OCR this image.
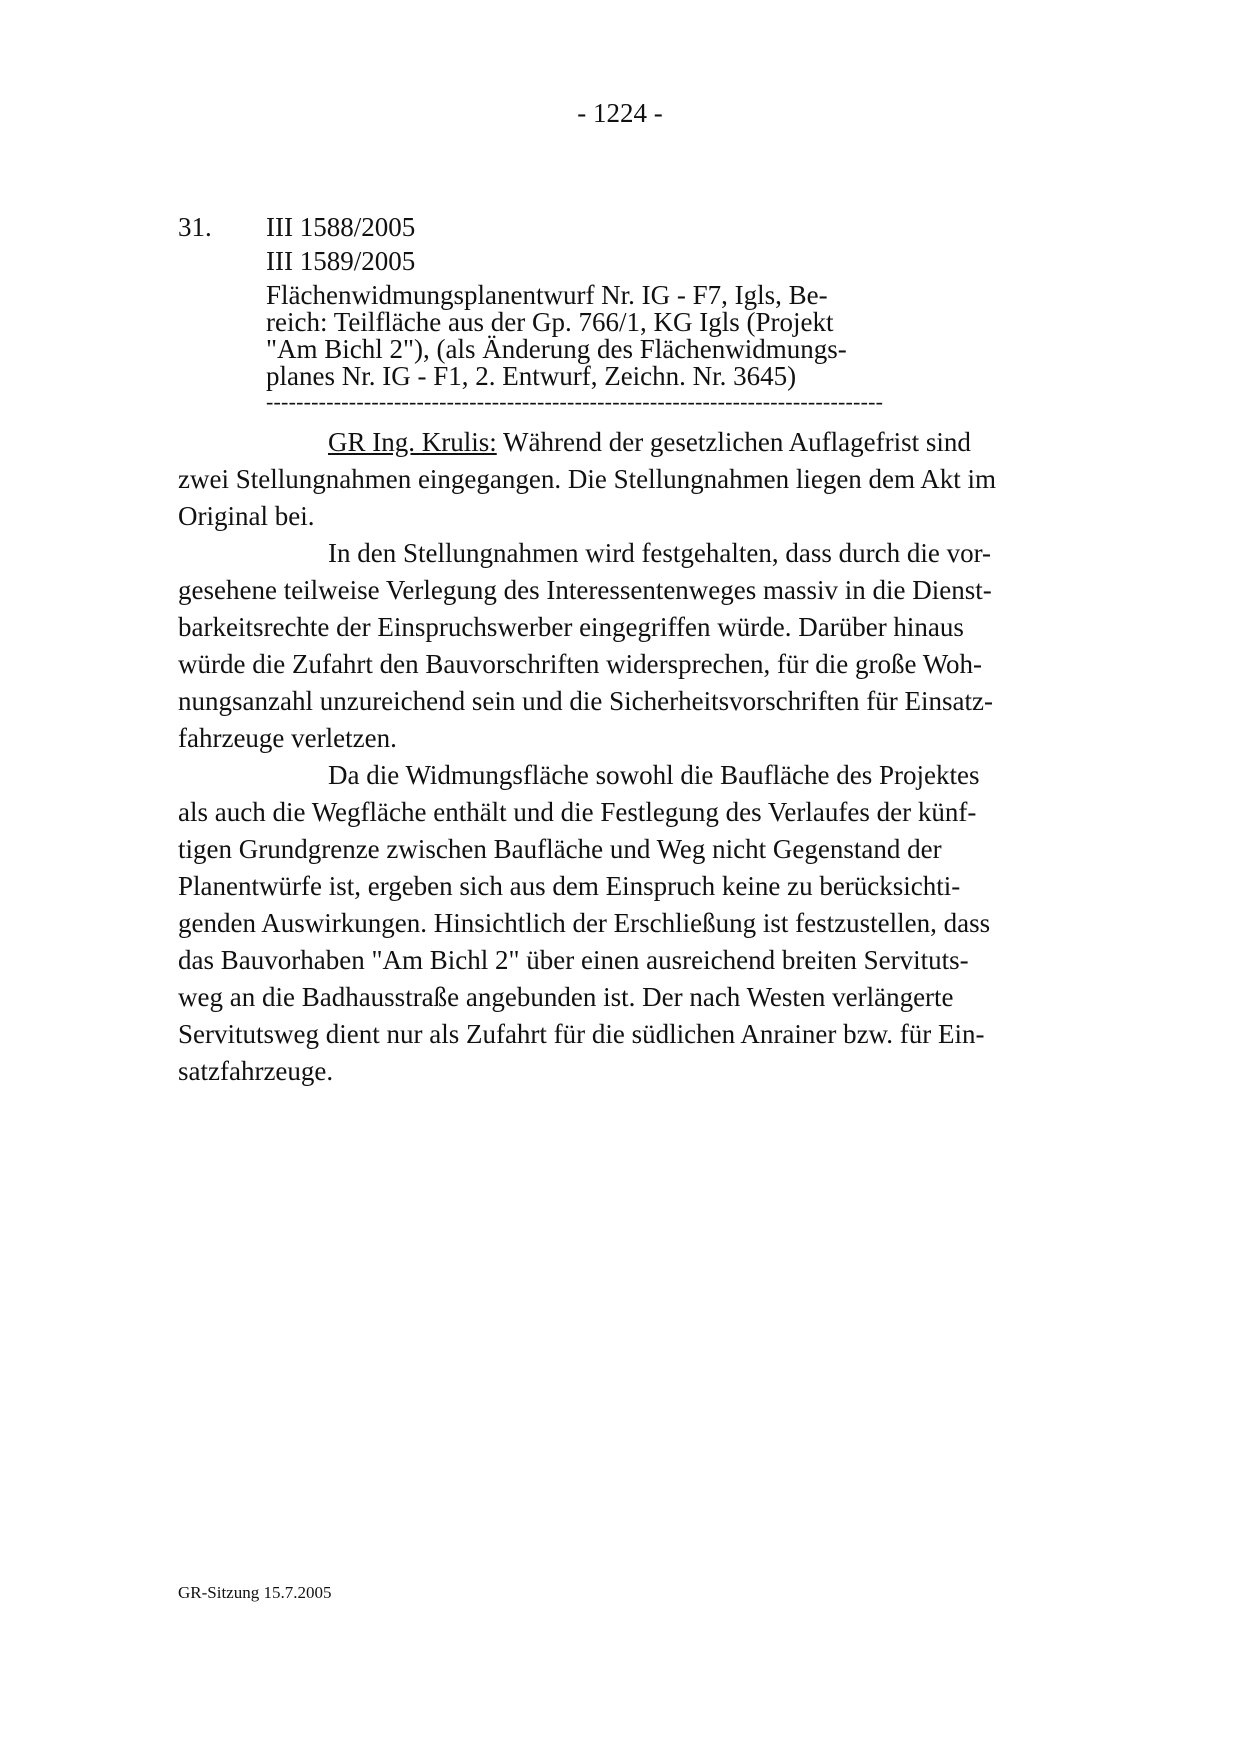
- 1224 -
31. III 1588/2005
III 1589/2005
Flächenwidmungsplanentwurf Nr. IG - F7, Igls, Be-
reich: Teilfläche aus der Gp. 766/1, KG Igls (Projekt
"Am Bichl 2"), (als Änderung des Flächenwidmungs-
planes Nr. IG - F1, 2. Entwurf, Zeichn. Nr. 3645)
----------------------------------------------------------------------------------
GR Ing. Krulis: Während der gesetzlichen Auflagefrist sind
zwei Stellungnahmen eingegangen. Die Stellungnahmen liegen dem Akt im
Original bei.
In den Stellungnahmen wird festgehalten, dass durch die vor-
gesehene teilweise Verlegung des Interessentenweges massiv in die Dienst-
barkeitsrechte der Einspruchswerber eingegriffen würde. Darüber hinaus
würde die Zufahrt den Bauvorschriften widersprechen, für die große Woh-
nungsanzahl unzureichend sein und die Sicherheitsvorschriften für Einsatz-
fahrzeuge verletzen.
Da die Widmungsfläche sowohl die Baufläche des Projektes
als auch die Wegfläche enthält und die Festlegung des Verlaufes der künf-
tigen Grundgrenze zwischen Baufläche und Weg nicht Gegenstand der
Planentwürfe ist, ergeben sich aus dem Einspruch keine zu berücksichti-
genden Auswirkungen. Hinsichtlich der Erschließung ist festzustellen, dass
das Bauvorhaben "Am Bichl 2" über einen ausreichend breiten Servituts-
weg an die Badhausstraße angebunden ist. Der nach Westen verlängerte
Servitutsweg dient nur als Zufahrt für die südlichen Anrainer bzw. für Ein-
satzfahrzeuge.
GR-Sitzung 15.7.2005
